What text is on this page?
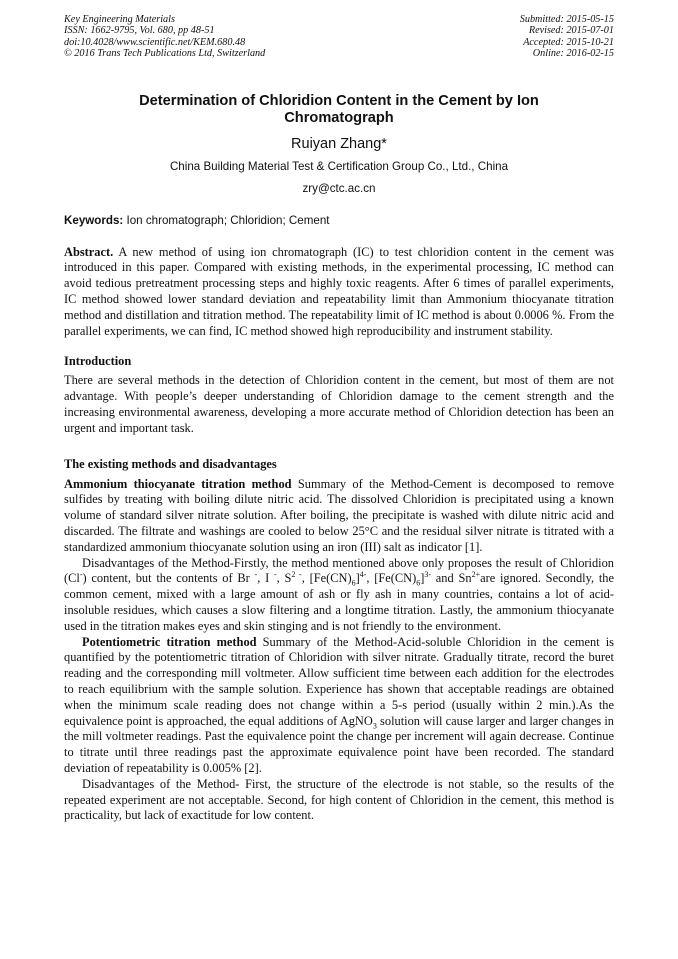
Key Engineering Materials
ISSN: 1662-9795, Vol. 680, pp 48-51
doi:10.4028/www.scientific.net/KEM.680.48
© 2016 Trans Tech Publications Ltd, Switzerland
Submitted: 2015-05-15
Revised: 2015-07-01
Accepted: 2015-10-21
Online: 2016-02-15
Determination of Chloridion Content in the Cement by Ion Chromatograph
Ruiyan Zhang*
China Building Material Test & Certification Group Co., Ltd., China
zry@ctc.ac.cn
Keywords: Ion chromatograph; Chloridion; Cement

Abstract. A new method of using ion chromatograph (IC) to test chloridion content in the cement was introduced in this paper. Compared with existing methods, in the experimental processing, IC method can avoid tedious pretreatment processing steps and highly toxic reagents. After 6 times of parallel experiments, IC method showed lower standard deviation and repeatability limit than Ammonium thiocyanate titration method and distillation and titration method. The repeatability limit of IC method is about 0.0006 %. From the parallel experiments, we can find, IC method showed high reproducibility and instrument stability.

Introduction

There are several methods in the detection of Chloridion content in the cement, but most of them are not advantage. With people’s deeper understanding of Chloridion damage to the cement strength and the increasing environmental awareness, developing a more accurate method of Chloridion detection has been an urgent and important task.

The existing methods and disadvantages

Ammonium thiocyanate titration method Summary of the Method-Cement is decomposed to remove sulfides by treating with boiling dilute nitric acid. The dissolved Chloridion is precipitated using a known volume of standard silver nitrate solution. After boiling, the precipitate is washed with dilute nitric acid and discarded. The filtrate and washings are cooled to below 25°C and the residual silver nitrate is titrated with a standardized ammonium thiocyanate solution using an iron (III) salt as indicator [1].

Disadvantages of the Method-Firstly, the method mentioned above only proposes the result of Chloridion (Cl-) content, but the contents of Br -, I -, $S^{2 -}$, $[Fe(CN)_6]^{4-}$, $[Fe(CN)_6]^{3-}$ and $Sn^{2+}are$ ignored. Secondly, the common cement, mixed with a large amount of ash or fly ash in many countries, contains a lot of acid-insoluble residues, which causes a slow filtering and a longtime titration. Lastly, the ammonium thiocyanate used in the titration makes eyes and skin stinging and is not friendly to the environment.

Potentiometric titration method Summary of the Method-Acid-soluble Chloridion in the cement is quantified by the potentiometric titration of Chloridion with silver nitrate. Gradually titrate, record the buret reading and the corresponding mill voltmeter. Allow sufficient time between each addition for the electrodes to reach equilibrium with the sample solution. Experience has shown that acceptable readings are obtained when the minimum scale reading does not change within a 5-s period (usually within 2 min.).As the equivalence point is approached, the equal additions of AgNO$_3$ solution will cause larger and larger changes in the mill voltmeter readings. Past the equivalence point the change per increment will again decrease. Continue to titrate until three readings past the approximate equivalence point have been recorded. The standard deviation of repeatability is 0.005% [2].

Disadvantages of the Method- First, the structure of the electrode is not stable, so the results of the repeated experiment are not acceptable. Second, for high content of Chloridion in the cement, this method is practicality, but lack of exactitude for low content.
